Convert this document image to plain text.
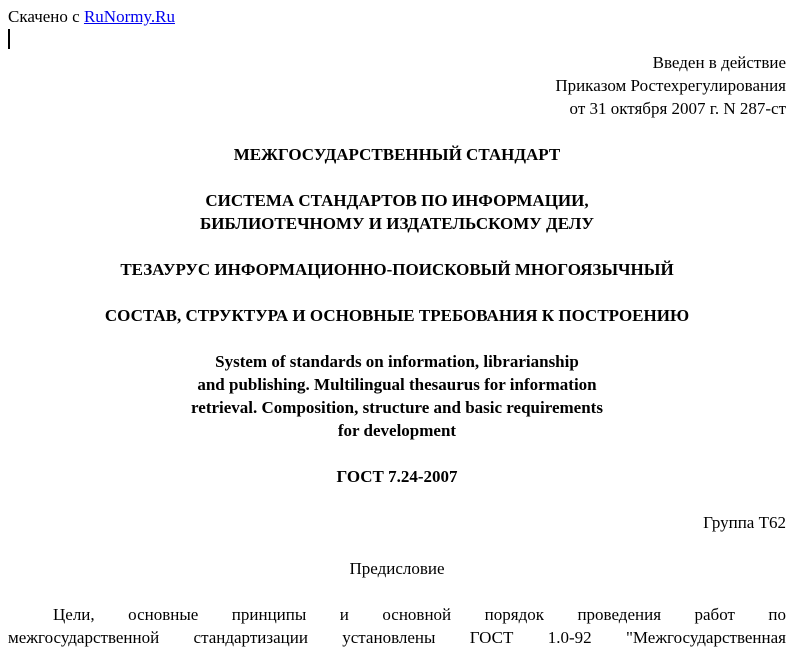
Скачено с RuNormy.Ru
Введен в действие
Приказом Ростехрегулирования
от 31 октября 2007 г. N 287-ст
МЕЖГОСУДАРСТВЕННЫЙ СТАНДАРТ
СИСТЕМА СТАНДАРТОВ ПО ИНФОРМАЦИИ,
БИБЛИОТЕЧНОМУ И ИЗДАТЕЛЬСКОМУ ДЕЛУ
ТЕЗАУРУС ИНФОРМАЦИОННО-ПОИСКОВЫЙ МНОГОЯЗЫЧНЫЙ
СОСТАВ, СТРУКТУРА И ОСНОВНЫЕ ТРЕБОВАНИЯ К ПОСТРОЕНИЮ
System of standards on information, librarianship
and publishing. Multilingual thesaurus for information
retrieval. Composition, structure and basic requirements
for development
ГОСТ 7.24-2007
Группа T62
Предисловие
Цели, основные принципы и основной порядок проведения работ по
межгосударственной стандартизации установлены ГОСТ 1.0-92 "Межгосударственная
